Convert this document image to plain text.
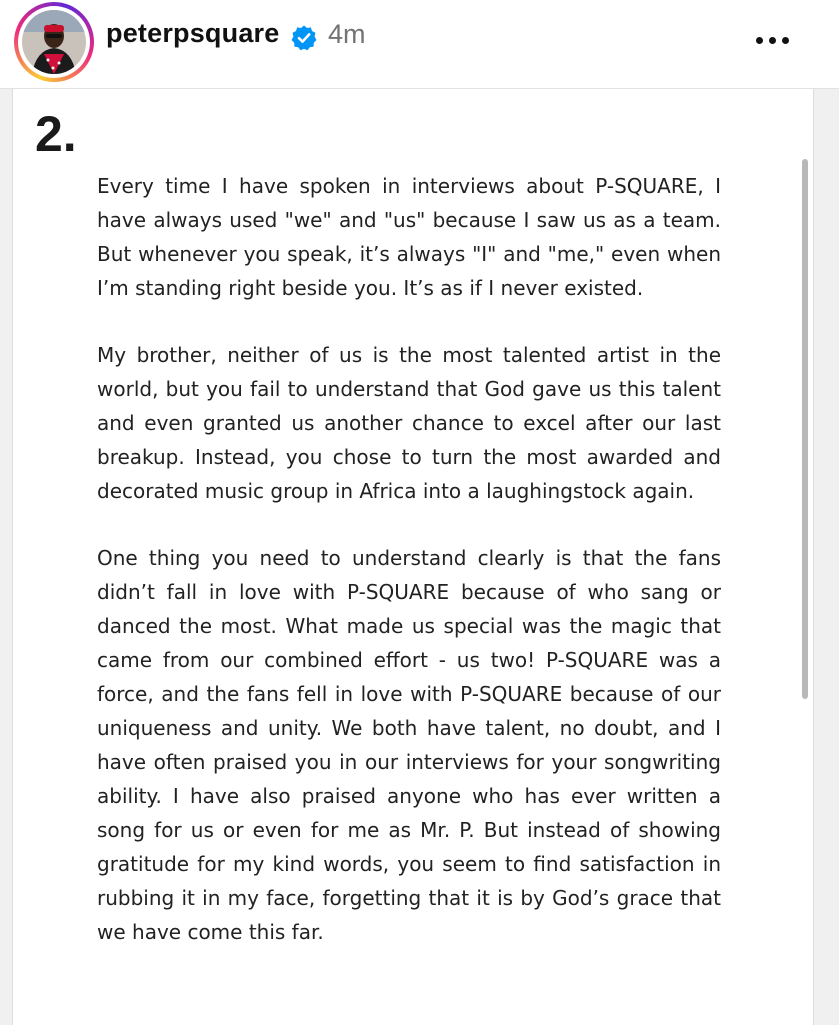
peterpsquare 4m
2.

Every time I have spoken in interviews about P-SQUARE, I have always used "we" and "us" because I saw us as a team. But whenever you speak, it’s always "I" and "me," even when I’m standing right beside you. It’s as if I never existed.

My brother, neither of us is the most talented artist in the world, but you fail to understand that God gave us this talent and even granted us another chance to excel after our last breakup. Instead, you chose to turn the most awarded and decorated music group in Africa into a laughingstock again.

One thing you need to understand clearly is that the fans didn’t fall in love with P-SQUARE because of who sang or danced the most. What made us special was the magic that came from our combined effort - us two! P-SQUARE was a force, and the fans fell in love with P-SQUARE because of our uniqueness and unity. We both have talent, no doubt, and I have often praised you in our interviews for your songwriting ability. I have also praised anyone who has ever written a song for us or even for me as Mr. P. But instead of showing gratitude for my kind words, you seem to find satisfaction in rubbing it in my face, forgetting that it is by God’s grace that we have come this far.
